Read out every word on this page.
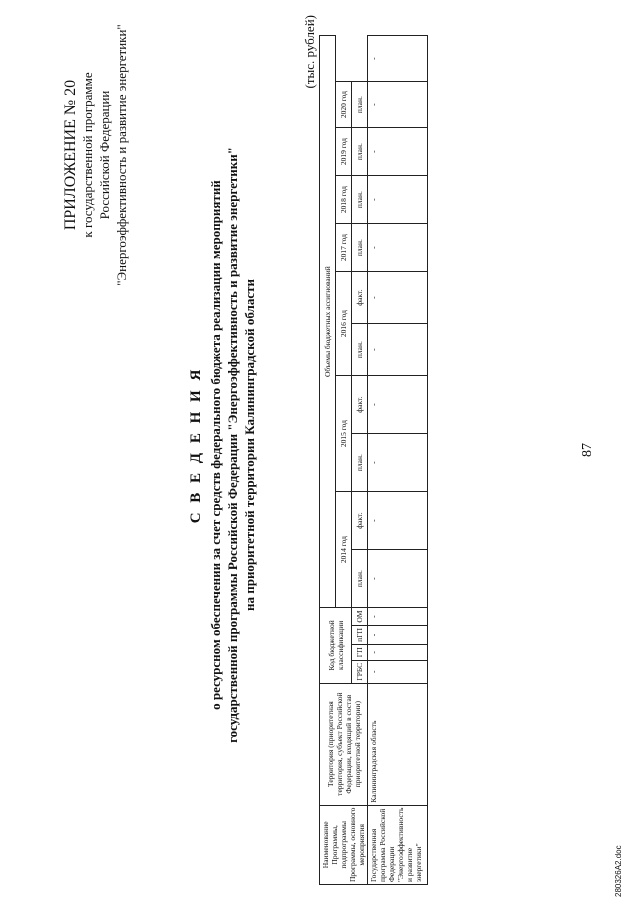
87
ПРИЛОЖЕНИЕ № 20 к государственной программе Российской Федерации "Энергоэффективность и развитие энергетики"
С В Е Д Е Н И Я о ресурсном обеспечении за счет средств федерального бюджета реализации мероприятий государственной программы Российской Федерации "Энергоэффективность и развитие энергетики" на приоритетной территории Калининградской области
(тыс. рублей)
Наименование Программы, подпрограммы Программы, основного мероприятия	Территория (приоритетная территория, субъект Российской Федерации, входящий в состав приоритетной территории)	Код бюджетной классификации				Объемы бюджетных ассигнований										
						2014 год		2015 год		2016 год		2017 год	2018 год	2019 год	2020 год	
		ГРБС	ГП	пГП	ОМ	план.	факт.	план.	факт.	план.	факт.	план.	план.	план.	план.	
Государственная программа Российской Федерации "Энергоэффективность и развитие энергетики"	Калининградская область	-	-	-	-	-	-	-	-	-	-	-	-	-	-	-
280326A2.doc
